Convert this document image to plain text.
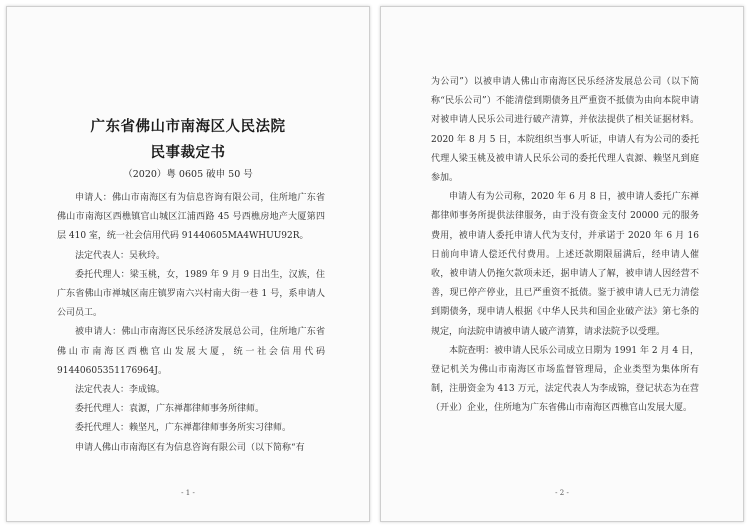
广东省佛山市南海区人民法院
民事裁定书
（2020）粤 0605 破申 50 号

申请人：佛山市南海区有为信息咨询有限公司，住所地广东省佛山市南海区西樵镇官山城区江浦西路 45 号西樵房地产大厦第四层 410 室，统一社会信用代码 91440605MA4WHUU92R。

法定代表人：吴秋玲。

委托代理人：梁玉桃，女，1989 年 9 月 9 日出生，汉族，住广东省佛山市禅城区南庄镇罗南六兴村南大街一巷 1 号，系申请人公司员工。

被申请人：佛山市南海区民乐经济发展总公司，住所地广东省佛山市南海区西樵官山发展大厦，统一社会信用代码 91440605351176964J。

法定代表人：李成锦。

委托代理人：袁源，广东禅都律师事务所律师。

委托代理人：赖坚凡，广东禅都律师事务所实习律师。

申请人佛山市南海区有为信息咨询有限公司（以下简称“有

- 1 -

为公司”）以被申请人佛山市南海区民乐经济发展总公司（以下简称“民乐公司”）不能清偿到期债务且严重资不抵债为由向本院申请对被申请人民乐公司进行破产清算，并依法提供了相关证据材料。2020 年 8 月 5 日，本院组织当事人听证，申请人有为公司的委托代理人梁玉桃及被申请人民乐公司的委托代理人袁源、赖坚凡到庭参加。

申请人有为公司称，2020 年 6 月 8 日，被申请人委托广东禅都律师事务所提供法律服务，由于没有资金支付 20000 元的服务费用，被申请人委托申请人代为支付，并承诺于 2020 年 6 月 16 日前向申请人偿还代付费用。上述还款期限届满后，经申请人催收，被申请人仍拖欠款项未还，据申请人了解，被申请人因经营不善，现已停产停业，且已严重资不抵债。鉴于被申请人已无力清偿到期债务，现申请人根据《中华人民共和国企业破产法》第七条的规定，向法院申请被申请人破产清算，请求法院予以受理。

本院查明：被申请人民乐公司成立日期为 1991 年 2 月 4 日，登记机关为佛山市南海区市场监督管理局，企业类型为集体所有制，注册资金为 413 万元，法定代表人为李成锦，登记状态为在营（开业）企业，住所地为广东省佛山市南海区西樵官山发展大厦。

- 2 -
